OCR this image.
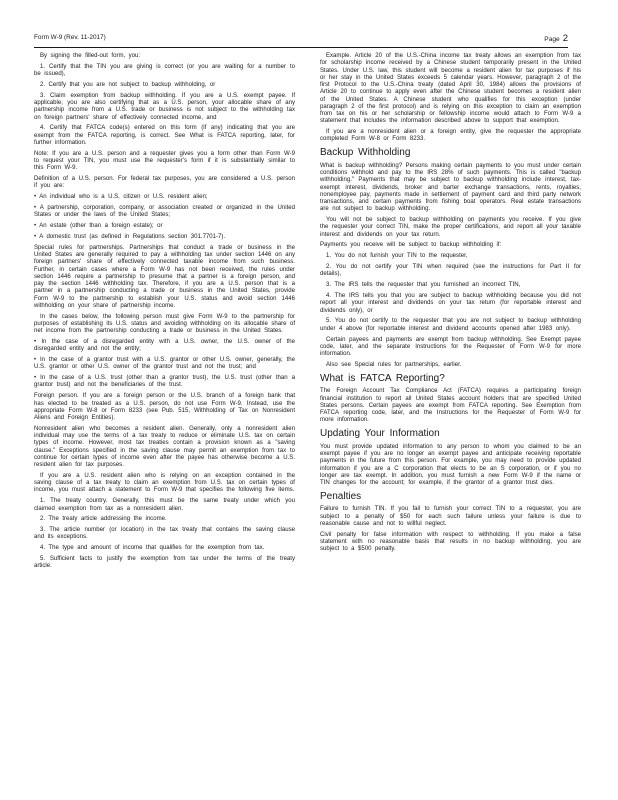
Form W-9 (Rev. 11-2017)	Page 2

By signing the filled-out form, you:

1. Certify that the TIN you are giving is correct (or you are waiting for a number to be issued),

2. Certify that you are not subject to backup withholding, or

3. Claim exemption from backup withholding. If you are a U.S. exempt payee. If applicable, you are also certifying that as a U.S. person, your allocable share of any partnership income from a U.S. trade or business is not subject to the withholding tax on foreign partners' share of effectively connected income, and

4. Certify that FATCA code(s) entered on this form (if any) indicating that you are exempt from the FATCA reporting, is correct. See What is FATCA reporting, later, for further information.

Note: If you are a U.S. person and a requester gives you a form other than Form W-9 to request your TIN, you must use the requester's form if it is substantially similar to this Form W-9.

Definition of a U.S. person. For federal tax purposes, you are considered a U.S. person if you are:

• An individual who is a U.S. citizen or U.S. resident alien;

• A partnership, corporation, company, or association created or organized in the United States or under the laws of the United States;

• An estate (other than a foreign estate); or

• A domestic trust (as defined in Regulations section 301.7701-7).

Special rules for partnerships. Partnerships that conduct a trade or business in the United States are generally required to pay a withholding tax under section 1446 on any foreign partners' share of effectively connected taxable income from such business. Further, in certain cases where a Form W-9 has not been received, the rules under section 1446 require a partnership to presume that a partner is a foreign person, and pay the section 1446 withholding tax. Therefore, if you are a U.S. person that is a partner in a partnership conducting a trade or business in the United States, provide Form W-9 to the partnership to establish your U.S. status and avoid section 1446 withholding on your share of partnership income.

In the cases below, the following person must give Form W-9 to the partnership for purposes of establishing its U.S. status and avoiding withholding on its allocable share of net income from the partnership conducting a trade or business in the United States.

• In the case of a disregarded entity with a U.S. owner, the U.S. owner of the disregarded entity and not the entity;

• In the case of a grantor trust with a U.S. grantor or other U.S. owner, generally, the U.S. grantor or other U.S. owner of the grantor trust and not the trust; and

• In the case of a U.S. trust (other than a grantor trust), the U.S. trust (other than a grantor trust) and not the beneficiaries of the trust.

Foreign person. If you are a foreign person or the U.S. branch of a foreign bank that has elected to be treated as a U.S. person, do not use Form W-9. Instead, use the appropriate Form W-8 or Form 8233 (see Pub. 515, Withholding of Tax on Nonresident Aliens and Foreign Entities).

Nonresident alien who becomes a resident alien. Generally, only a nonresident alien individual may use the terms of a tax treaty to reduce or eliminate U.S. tax on certain types of income. However, most tax treaties contain a provision known as a "saving clause." Exceptions specified in the saving clause may permit an exemption from tax to continue for certain types of income even after the payee has otherwise become a U.S. resident alien for tax purposes.

If you are a U.S. resident alien who is relying on an exception contained in the saving clause of a tax treaty to claim an exemption from U.S. tax on certain types of income, you must attach a statement to Form W-9 that specifies the following five items.

1. The treaty country. Generally, this must be the same treaty under which you claimed exemption from tax as a nonresident alien.

2. The treaty article addressing the income.

3. The article number (or location) in the tax treaty that contains the saving clause and its exceptions.

4. The type and amount of income that qualifies for the exemption from tax.

5. Sufficient facts to justify the exemption from tax under the terms of the treaty article.

Example. Article 20 of the U.S.-China income tax treaty allows an exemption from tax for scholarship income received by a Chinese student temporarily present in the United States. Under U.S. law, this student will become a resident alien for tax purposes if his or her stay in the United States exceeds 5 calendar years. However, paragraph 2 of the first Protocol to the U.S.-China treaty (dated April 30, 1984) allows the provisions of Article 20 to continue to apply even after the Chinese student becomes a resident alien of the United States. A Chinese student who qualifies for this exception (under paragraph 2 of the first protocol) and is relying on this exception to claim an exemption from tax on his or her scholarship or fellowship income would attach to Form W-9 a statement that includes the information described above to support that exemption.

If you are a nonresident alien or a foreign entity, give the requester the appropriate completed Form W-8 or Form 8233.

Backup Withholding

What is backup withholding? Persons making certain payments to you must under certain conditions withhold and pay to the IRS 28% of such payments. This is called "backup withholding." Payments that may be subject to backup withholding include interest, tax-exempt interest, dividends, broker and barter exchange transactions, rents, royalties, nonemployee pay, payments made in settlement of payment card and third party network transactions, and certain payments from fishing boat operators. Real estate transactions are not subject to backup withholding.

You will not be subject to backup withholding on payments you receive. If you give the requester your correct TIN, make the proper certifications, and report all your taxable interest and dividends on your tax return.

Payments you receive will be subject to backup withholding if:

1. You do not furnish your TIN to the requester,

2. You do not certify your TIN when required (see the instructions for Part II for details),

3. The IRS tells the requester that you furnished an incorrect TIN,

4. The IRS tells you that you are subject to backup withholding because you did not report all your interest and dividends on your tax return (for reportable interest and dividends only), or

5. You do not certify to the requester that you are not subject to backup withholding under 4 above (for reportable interest and dividend accounts opened after 1983 only).

Certain payees and payments are exempt from backup withholding. See Exempt payee code, later, and the separate Instructions for the Requester of Form W-9 for more information.

Also see Special rules for partnerships, earlier.

What is FATCA Reporting?

The Foreign Account Tax Compliance Act (FATCA) requires a participating foreign financial institution to report all United States account holders that are specified United States persons. Certain payees are exempt from FATCA reporting. See Exemption from FATCA reporting code, later, and the Instructions for the Requester of Form W-9 for more information.

Updating Your Information

You must provide updated information to any person to whom you claimed to be an exempt payee if you are no longer an exempt payee and anticipate receiving reportable payments in the future from this person. For example, you may need to provide updated information if you are a C corporation that elects to be an S corporation, or if you no longer are tax exempt. In addition, you must furnish a new Form W-9 if the name or TIN changes for the account; for example, if the grantor of a grantor trust dies.

Penalties

Failure to furnish TIN. If you fail to furnish your correct TIN to a requester, you are subject to a penalty of $50 for each such failure unless your failure is due to reasonable cause and not to willful neglect.

Civil penalty for false information with respect to withholding. If you make a false statement with no reasonable basis that results in no backup withholding, you are subject to a $500 penalty.
